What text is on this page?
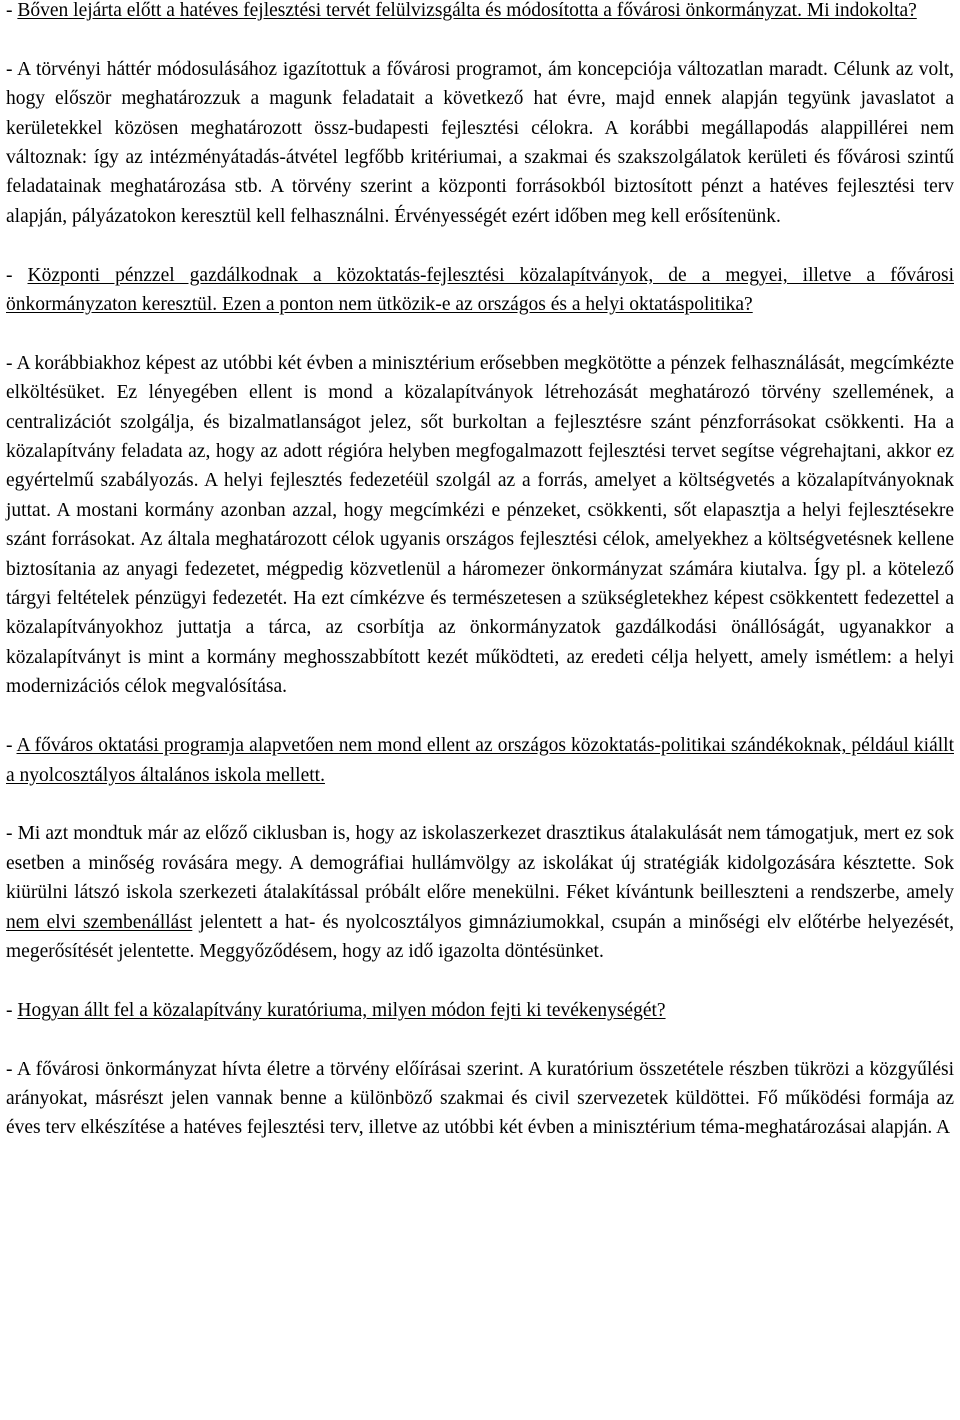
- Bőven lejárta előtt a hatéves fejlesztési tervét felülvizsgálta és módosította a fővárosi önkormányzat. Mi indokolta?

- A törvényi háttér módosulásához igazítottuk a fővárosi programot, ám koncepciója változatlan maradt. Célunk az volt, hogy először meghatározzuk a magunk feladatait a következő hat évre, majd ennek alapján tegyünk javaslatot a kerületekkel közösen meghatározott össz-budapesti fejlesztési célokra. A korábbi megállapodás alappillérei nem változnak: így az intézményátadás-átvétel legfőbb kritériumai, a szakmai és szakszolgálatok kerületi és fővárosi szintű feladatainak meghatározása stb. A törvény szerint a központi forrásokból biztosított pénzt a hatéves fejlesztési terv alapján, pályázatokon keresztül kell felhasználni. Érvényességét ezért időben meg kell erősítenünk.

- Központi pénzzel gazdálkodnak a közoktatás-fejlesztési közalapítványok, de a megyei, illetve a fővárosi önkormányzaton keresztül. Ezen a ponton nem ütközik-e az országos és a helyi oktatáspolitika?

- A korábbiakhoz képest az utóbbi két évben a minisztérium erősebben megkötötte a pénzek felhasználását, megcímkézte elköltésüket. Ez lényegében ellent is mond a közalapítványok létrehozását meghatározó törvény szellemének, a centralizációt szolgálja, és bizalmatlanságot jelez, sőt burkoltan a fejlesztésre szánt pénzforrásokat csökkenti. Ha a közalapítvány feladata az, hogy az adott régióra helyben megfogalmazott fejlesztési tervet segítse végrehajtani, akkor ez egyértelmű szabályozás. A helyi fejlesztés fedezetéül szolgál az a forrás, amelyet a költségvetés a közalapítványoknak juttat. A mostani kormány azonban azzal, hogy megcímkézi e pénzeket, csökkenti, sőt elapasztja a helyi fejlesztésekre szánt forrásokat. Az általa meghatározott célok ugyanis országos fejlesztési célok, amelyekhez a költségvetésnek kellene biztosítania az anyagi fedezetet, mégpedig közvetlenül a háromezer önkormányzat számára kiutalva. Így pl. a kötelező tárgyi feltételek pénzügyi fedezetét. Ha ezt címkézve és természetesen a szükségletekhez képest csökkentett fedezettel a közalapítványokhoz juttatja a tárca, az csorbítja az önkormányzatok gazdálkodási önállóságát, ugyanakkor a közalapítványt is mint a kormány meghosszabbított kezét működteti, az eredeti célja helyett, amely ismétlem: a helyi modernizációs célok megvalósítása.

- A főváros oktatási programja alapvetően nem mond ellent az országos közoktatás-politikai szándékoknak, például kiállt a nyolcosztályos általános iskola mellett.

- Mi azt mondtuk már az előző ciklusban is, hogy az iskolaszerkezet drasztikus átalakulását nem támogatjuk, mert ez sok esetben a minőség rovására megy. A demográfiai hullámvölgy az iskolákat új stratégiák kidolgozására késztette. Sok kiürülni látszó iskola szerkezeti átalakítással próbált előre menekülni. Féket kívántunk beilleszteni a rendszerbe, amely nem elvi szembenállást jelentett a hat- és nyolcosztályos gimnáziumokkal, csupán a minőségi elv előtérbe helyezését, megerősítését jelentette. Meggyőződésem, hogy az idő igazolta döntésünket.

- Hogyan állt fel a közalapítvány kuratóriuma, milyen módon fejti ki tevékenységét?

- A fővárosi önkormányzat hívta életre a törvény előírásai szerint. A kuratórium összetétele részben tükrözi a közgyűlési arányokat, másrészt jelen vannak benne a különböző szakmai és civil szervezetek küldöttei. Fő működési formája az éves terv elkészítése a hatéves fejlesztési terv, illetve az utóbbi két évben a minisztérium téma-meghatározásai alapján. A
